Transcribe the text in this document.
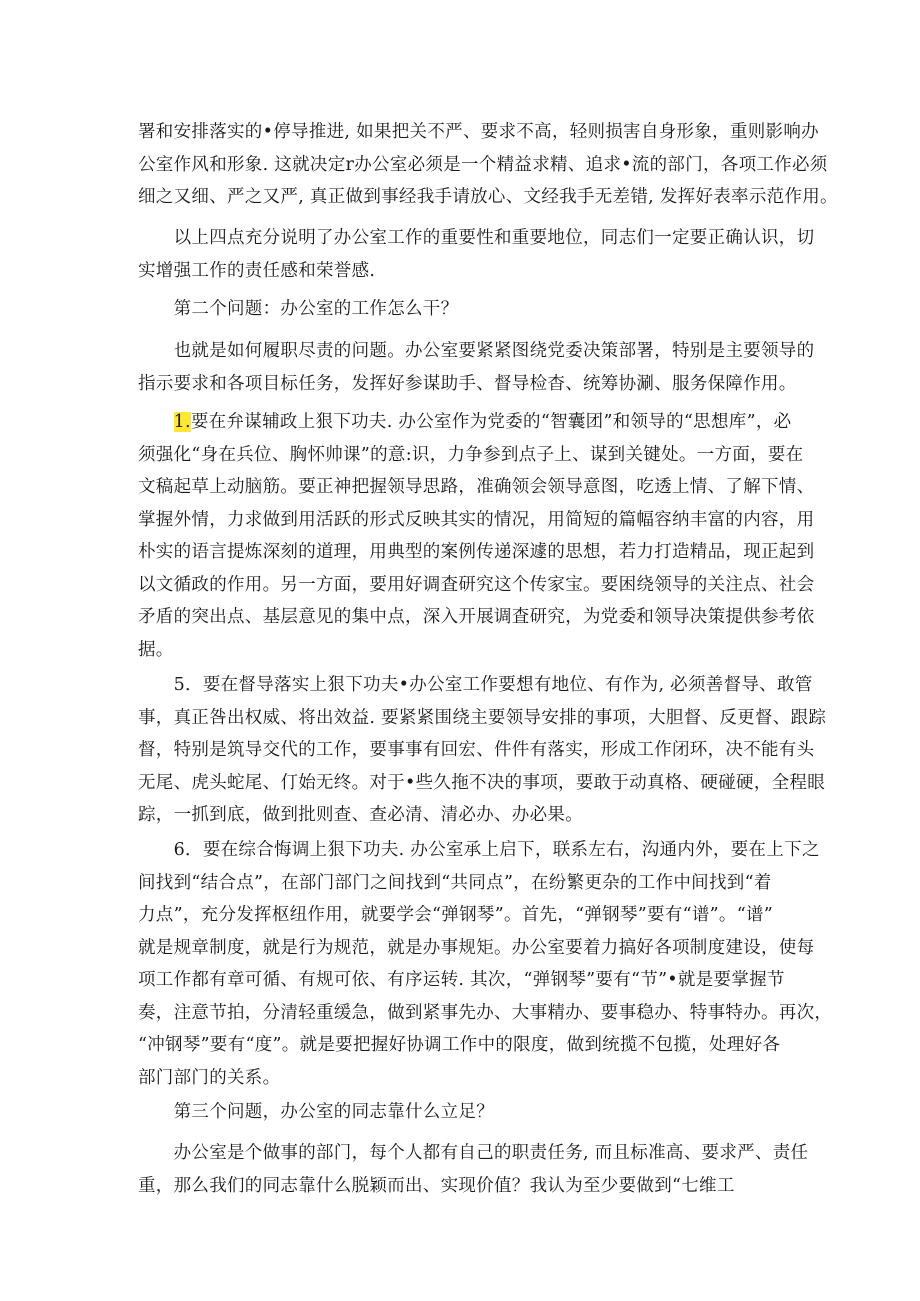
署和安排落实的•停导推进, 如果把关不严、要求不高，轻则损害自身形象，重则影响办
公室作风和形象. 这就决定r办公室必须是一个精益求精、追求•流的部门，各项工作必须
细之又细、严之又严, 真正做到事经我手请放心、文经我手无差错, 发挥好表率示范作用。
　　以上四点充分说明了办公室工作的重要性和重要地位，同志们一定要正确认识，切
实增强工作的责任感和荣誉感.
　　第二个问题：办公室的工作怎么干？
　　也就是如何履职尽责的问题。办公室要紧紧图绕党委决策部署，特别是主要领导的
指示要求和各项目标任务，发挥好参谋助手、督导检杳、统筹协涮、服务保障作用。
　　1.要在弁谋辅政上狠下功夫. 办公室作为党委的“智囊团”和领导的“思想库”，必
须强化“身在兵位、胸怀帅课”的意:识，力争参到点子上、谋到关键处。一方面，要在
文稿起草上动脑筋。要正神把握领导思路，准确领会领导意图，吃透上情、了解下情、
掌握外情，力求做到用活跃的形式反映其实的情况，用简短的篇幅容纳丰富的内容，用
朴实的语言提炼深刻的道理，用典型的案例传递深遽的思想，若力打造精品，现正起到
以文循政的作用。另一方面，要用好调査研究这个传家宝。要困绕领导的关注点、社会
矛盾的突出点、基层意见的集中点，深入开展调査研究，为党委和领导决策提供参考依
据。
　　5．要在督导落实上狠下功夫•办公室工作要想有地位、有作为, 必须善督导、敢管
事，真正咎出权威、将出效益. 要紧紧围绕主要领导安排的事项，大胆督、反更督、跟踪
督，特别是筑导交代的工作，要事事有回宏、件件有落实，形成工作闭环，决不能有头
无尾、虎头蛇尾、仃始无终。对于•些久拖不决的事项，要敢于动真格、硬碰硬，全程眼
踪，一抓到底，做到批则查、查必清、清必办、办必果。
　　6．要在综合悔调上狠下功夫. 办公室承上启下，联系左右，沟通内外，要在上下之
间找到“结合点”，在部门部门之间找到“共同点”，在纷繁更杂的工作中间找到“着
力点”，充分发挥枢纽作用，就要学会“弹钢琴”。首先，“弹钢琴”要有“谱”。“谱”
就是规章制度，就是行为规范，就是办事规矩。办公室要着力搞好各项制度建设，使每
项工作都有章可循、有规可依、有序运转. 其次，“弹钢琴”要有“节”•就是要掌握节
奏，注意节拍，分清轻重缓急，做到紧事先办、大事精办、要事稳办、特事特办。再次，
“冲钢琴”要有“度”。就是要把握好协调工作中的限度，做到统揽不包揽，处理好各
部门部门的关系。
　　第三个问题，办公室的同志靠什么立足？
　　办公室是个做事的部门，每个人都有自己的职责任务, 而且标准高、要求严、责任
重，那么我们的同志靠什么脱颖而出、实现价值？我认为至少要做到“七维工
